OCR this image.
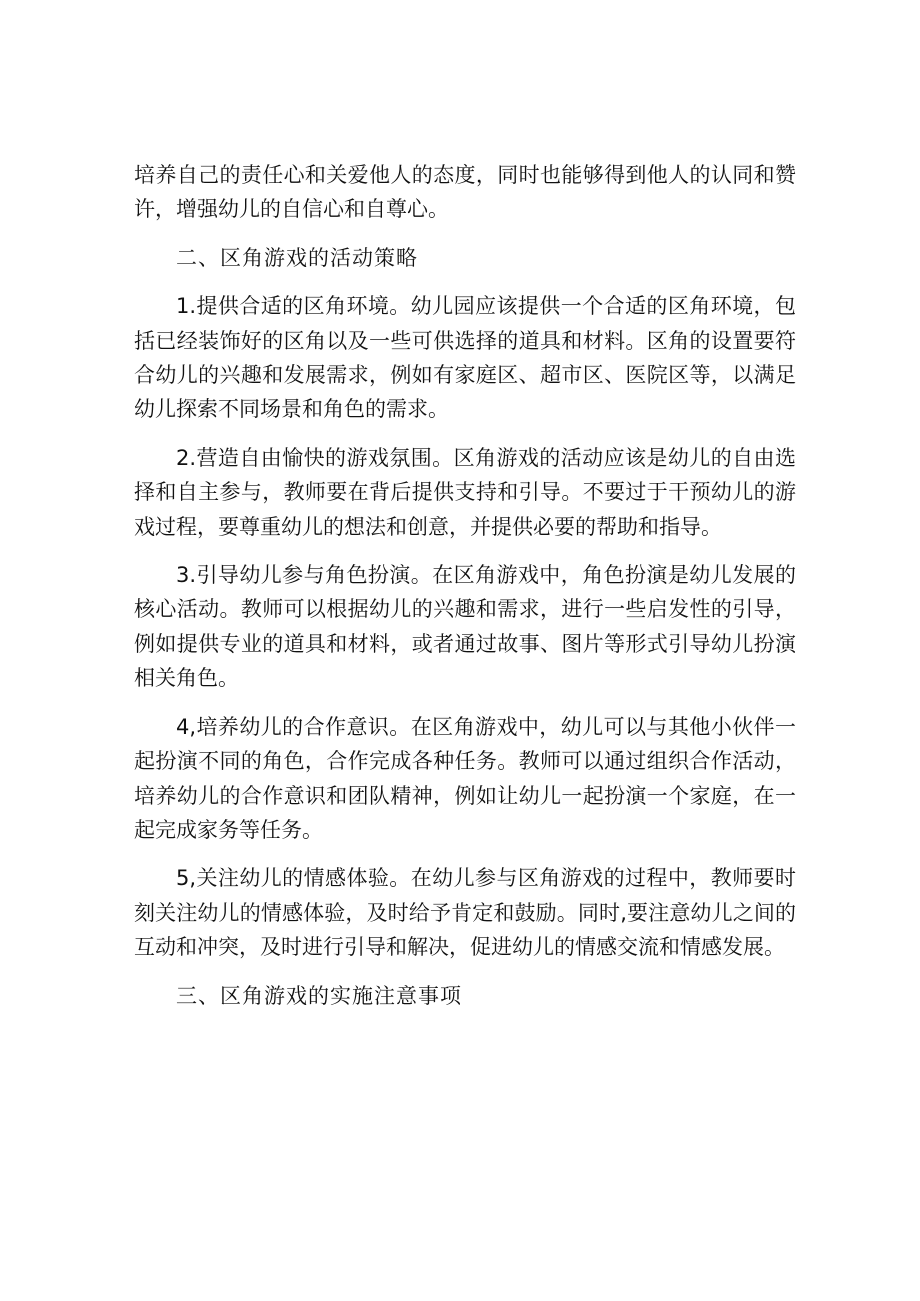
培养自己的责任心和关爱他人的态度，同时也能够得到他人的认同和赞许，增强幼儿的自信心和自尊心。

二、区角游戏的活动策略

1.提供合适的区角环境。幼儿园应该提供一个合适的区角环境，包括已经装饰好的区角以及一些可供选择的道具和材料。区角的设置要符合幼儿的兴趣和发展需求，例如有家庭区、超市区、医院区等，以满足幼儿探索不同场景和角色的需求。

2.营造自由愉快的游戏氛围。区角游戏的活动应该是幼儿的自由选择和自主参与，教师要在背后提供支持和引导。不要过于干预幼儿的游戏过程，要尊重幼儿的想法和创意，并提供必要的帮助和指导。

3.引导幼儿参与角色扮演。在区角游戏中，角色扮演是幼儿发展的核心活动。教师可以根据幼儿的兴趣和需求，进行一些启发性的引导，例如提供专业的道具和材料，或者通过故事、图片等形式引导幼儿扮演相关角色。

4,培养幼儿的合作意识。在区角游戏中，幼儿可以与其他小伙伴一起扮演不同的角色，合作完成各种任务。教师可以通过组织合作活动，培养幼儿的合作意识和团队精神，例如让幼儿一起扮演一个家庭，在一起完成家务等任务。

5,关注幼儿的情感体验。在幼儿参与区角游戏的过程中，教师要时刻关注幼儿的情感体验，及时给予肯定和鼓励。同时,要注意幼儿之间的互动和冲突，及时进行引导和解决，促进幼儿的情感交流和情感发展。

三、区角游戏的实施注意事项
